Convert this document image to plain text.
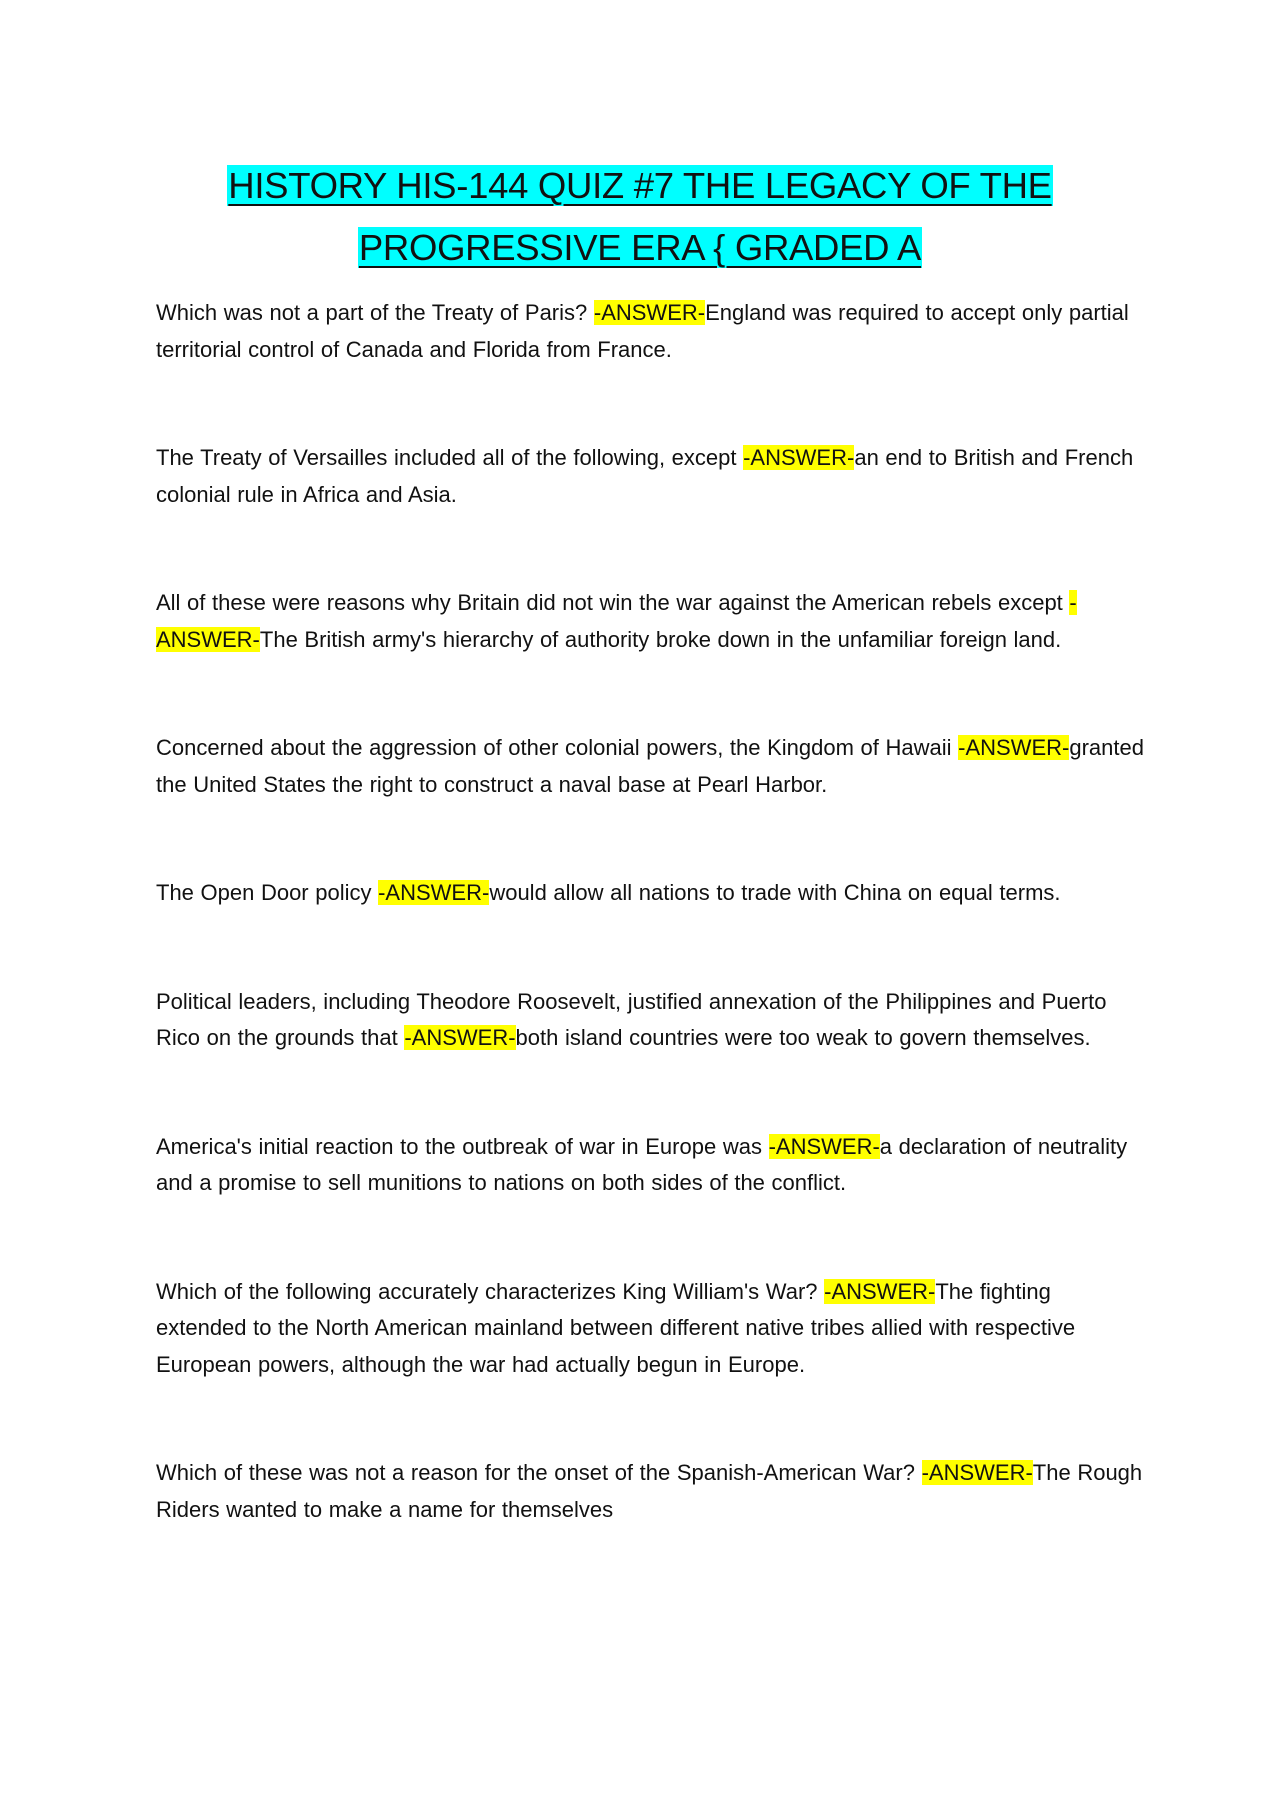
HISTORY HIS-144 QUIZ #7 THE LEGACY OF THE
PROGRESSIVE ERA { GRADED A

Which was not a part of the Treaty of Paris? -ANSWER-England was required to accept only partial territorial control of Canada and Florida from France.

The Treaty of Versailles included all of the following, except -ANSWER-an end to British and French colonial rule in Africa and Asia.

All of these were reasons why Britain did not win the war against the American rebels except -ANSWER-The British army's hierarchy of authority broke down in the unfamiliar foreign land.

Concerned about the aggression of other colonial powers, the Kingdom of Hawaii -ANSWER-granted the United States the right to construct a naval base at Pearl Harbor.

The Open Door policy -ANSWER-would allow all nations to trade with China on equal terms.

Political leaders, including Theodore Roosevelt, justified annexation of the Philippines and Puerto Rico on the grounds that -ANSWER-both island countries were too weak to govern themselves.

America's initial reaction to the outbreak of war in Europe was -ANSWER-a declaration of neutrality and a promise to sell munitions to nations on both sides of the conflict.

Which of the following accurately characterizes King William's War? -ANSWER-The fighting extended to the North American mainland between different native tribes allied with respective European powers, although the war had actually begun in Europe.

Which of these was not a reason for the onset of the Spanish-American War? -ANSWER-The Rough Riders wanted to make a name for themselves
